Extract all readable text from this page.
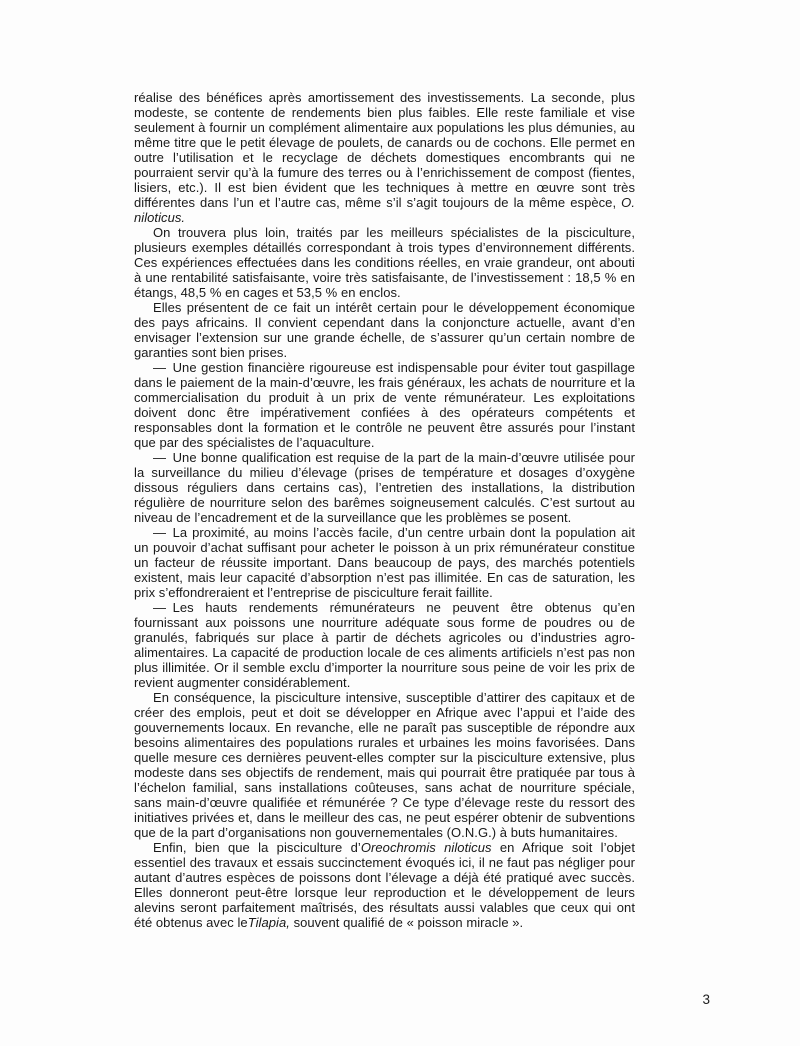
réalise des bénéfices après amortissement des investissements. La seconde, plus modeste, se contente de rendements bien plus faibles. Elle reste familiale et vise seulement à fournir un complément alimentaire aux populations les plus démunies, au même titre que le petit élevage de poulets, de canards ou de cochons. Elle permet en outre l’utilisation et le recyclage de déchets domestiques encombrants qui ne pourraient servir qu’à la fumure des terres ou à l’enrichissement de compost (fientes, lisiers, etc.). Il est bien évident que les techniques à mettre en œuvre sont très différentes dans l’un et l’autre cas, même s’il s’agit toujours de la même espèce, O. niloticus.

On trouvera plus loin, traités par les meilleurs spécialistes de la pisciculture, plusieurs exemples détaillés correspondant à trois types d’environnement différents. Ces expériences effectuées dans les conditions réelles, en vraie grandeur, ont abouti à une rentabilité satisfaisante, voire très satisfaisante, de l’investissement : 18,5 % en étangs, 48,5 % en cages et 53,5 % en enclos.

Elles présentent de ce fait un intérêt certain pour le développement économique des pays africains. Il convient cependant dans la conjoncture actuelle, avant d’en envisager l’extension sur une grande échelle, de s’assurer qu’un certain nombre de garanties sont bien prises.

— Une gestion financière rigoureuse est indispensable pour éviter tout gaspillage dans le paiement de la main-d’œuvre, les frais généraux, les achats de nourriture et la commercialisation du produit à un prix de vente rémunérateur. Les exploitations doivent donc être impérativement confiées à des opérateurs compétents et responsables dont la formation et le contrôle ne peuvent être assurés pour l’instant que par des spécialistes de l’aquaculture.

— Une bonne qualification est requise de la part de la main-d’œuvre utilisée pour la surveillance du milieu d’élevage (prises de température et dosages d’oxygène dissous réguliers dans certains cas), l’entretien des installations, la distribution régulière de nourriture selon des barêmes soigneusement calculés. C’est surtout au niveau de l’encadrement et de la surveillance que les problèmes se posent.

— La proximité, au moins l’accès facile, d’un centre urbain dont la population ait un pouvoir d’achat suffisant pour acheter le poisson à un prix rémunérateur constitue un facteur de réussite important. Dans beaucoup de pays, des marchés potentiels existent, mais leur capacité d’absorption n’est pas illimitée. En cas de saturation, les prix s’effondreraient et l’entreprise de pisciculture ferait faillite.

— Les hauts rendements rémunérateurs ne peuvent être obtenus qu’en fournissant aux poissons une nourriture adéquate sous forme de poudres ou de granulés, fabriqués sur place à partir de déchets agricoles ou d’industries agro-alimentaires. La capacité de production locale de ces aliments artificiels n’est pas non plus illimitée. Or il semble exclu d’importer la nourriture sous peine de voir les prix de revient augmenter considérablement.

En conséquence, la pisciculture intensive, susceptible d’attirer des capitaux et de créer des emplois, peut et doit se développer en Afrique avec l’appui et l’aide des gouvernements locaux. En revanche, elle ne paraît pas susceptible de répondre aux besoins alimentaires des populations rurales et urbaines les moins favorisées. Dans quelle mesure ces dernières peuvent-elles compter sur la pisciculture extensive, plus modeste dans ses objectifs de rendement, mais qui pourrait être pratiquée par tous à l’échelon familial, sans installations coûteuses, sans achat de nourriture spéciale, sans main-d’œuvre qualifiée et rémunérée ? Ce type d’élevage reste du ressort des initiatives privées et, dans le meilleur des cas, ne peut espérer obtenir de subventions que de la part d’organisations non gouvernementales (O.N.G.) à buts humanitaires.

Enfin, bien que la pisciculture d’Oreochromis niloticus en Afrique soit l’objet essentiel des travaux et essais succinctement évoqués ici, il ne faut pas négliger pour autant d’autres espèces de poissons dont l’élevage a déjà été pratiqué avec succès. Elles donneront peut-être lorsque leur reproduction et le développement de leurs alevins seront parfaitement maîtrisés, des résultats aussi valables que ceux qui ont été obtenus avec leTilapia, souvent qualifié de « poisson miracle ».

3
